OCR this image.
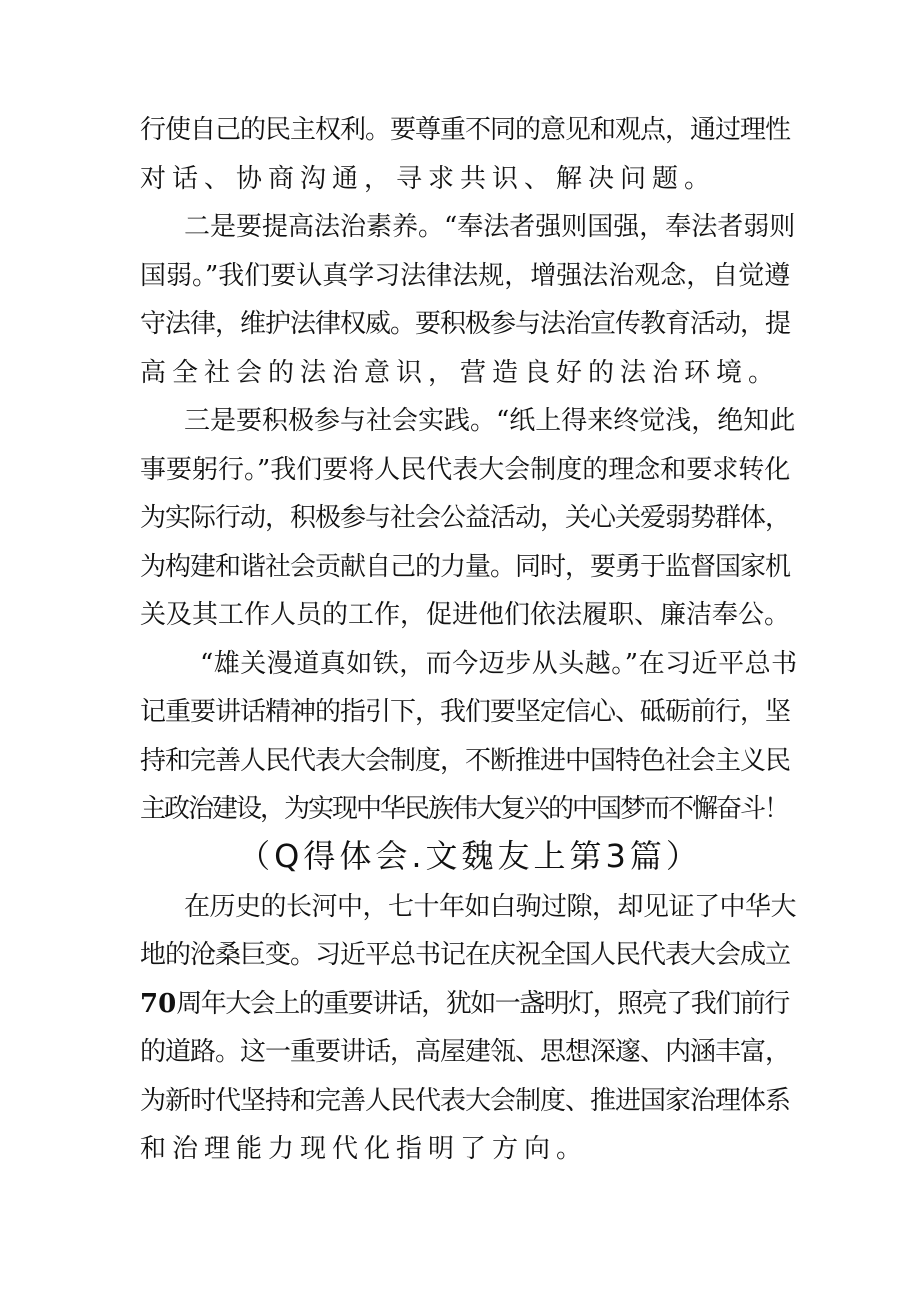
行使自己的民主权利。要尊重不同的意见和观点，通过理性
对话、协商沟通，寻求共识、解决问题。
二是要提高法治素养。“奉法者强则国强，奉法者弱则
国弱。”我们要认真学习法律法规，增强法治观念，自觉遵
守法律，维护法律权威。要积极参与法治宣传教育活动，提
高全社会的法治意识，营造良好的法治环境。
三是要积极参与社会实践。“纸上得来终觉浅，绝知此
事要躬行。”我们要将人民代表大会制度的理念和要求转化
为实际行动，积极参与社会公益活动，关心关爱弱势群体，
为构建和谐社会贡献自己的力量。同时，要勇于监督国家机
关及其工作人员的工作，促进他们依法履职、廉洁奉公。
“雄关漫道真如铁，而今迈步从头越。”在习近平总书
记重要讲话精神的指引下，我们要坚定信心、砥砺前行，坚
持和完善人民代表大会制度，不断推进中国特色社会主义民
主政治建设，为实现中华民族伟大复兴的中国梦而不懈奋斗！
（Q得体会.文魏友上第3篇）
在历史的长河中，七十年如白驹过隙，却见证了中华大
地的沧桑巨变。习近平总书记在庆祝全国人民代表大会成立
70周年大会上的重要讲话，犹如一盏明灯，照亮了我们前行
的道路。这一重要讲话，高屋建瓴、思想深邃、内涵丰富，
为新时代坚持和完善人民代表大会制度、推进国家治理体系
和治理能力现代化指明了方向。
